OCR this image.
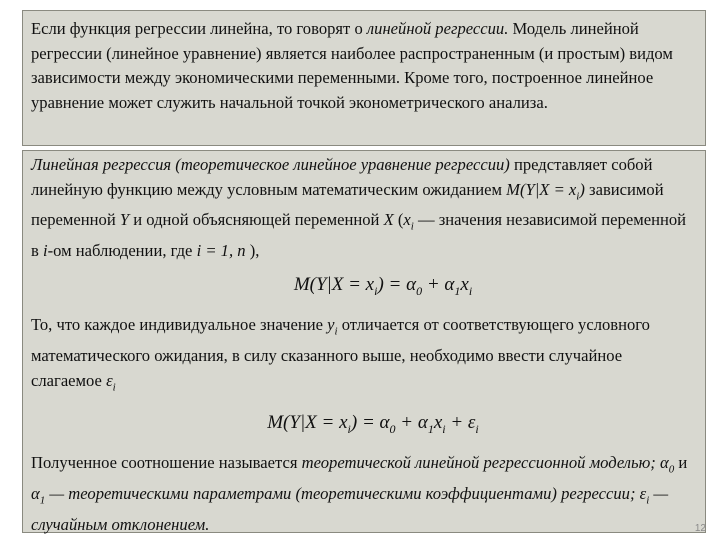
Если функция регрессии линейна, то говорят о линейной регрессии. Модель линейной регрессии (линейное уравнение) является наиболее распространенным (и простым) видом зависимости между экономическими переменными. Кроме того, построенное линейное уравнение может служить начальной точкой эконометрического анализа.

Линейная регрессия (теоретическое линейное уравнение регрессии) представляет собой линейную функцию между условным математическим ожиданием $M(Y|X = x_i)$ зависимой переменной Y и одной объясняющей переменной X ($x_i$ — значения независимой переменной в i-ом наблюдении, где i = 1, n ),

$M(Y|X = x_i) = \alpha_0 + \alpha_1x_i$

То, что каждое индивидуальное значение $y_i$ отличается от соответствующего условного математического ожидания, в силу сказанного выше, необходимо ввести случайное слагаемое $\varepsilon_i$

$M(Y|X = x_i) = \alpha_0 + \alpha_1x_i + \varepsilon_i$

Полученное соотношение называется теоретической линейной регрессионной моделью; $\alpha_0$ и $\alpha_1$ — теоретическими параметрами (теоретическими коэффициентами) регрессии; $\varepsilon_i$ — случайным отклонением.	12
